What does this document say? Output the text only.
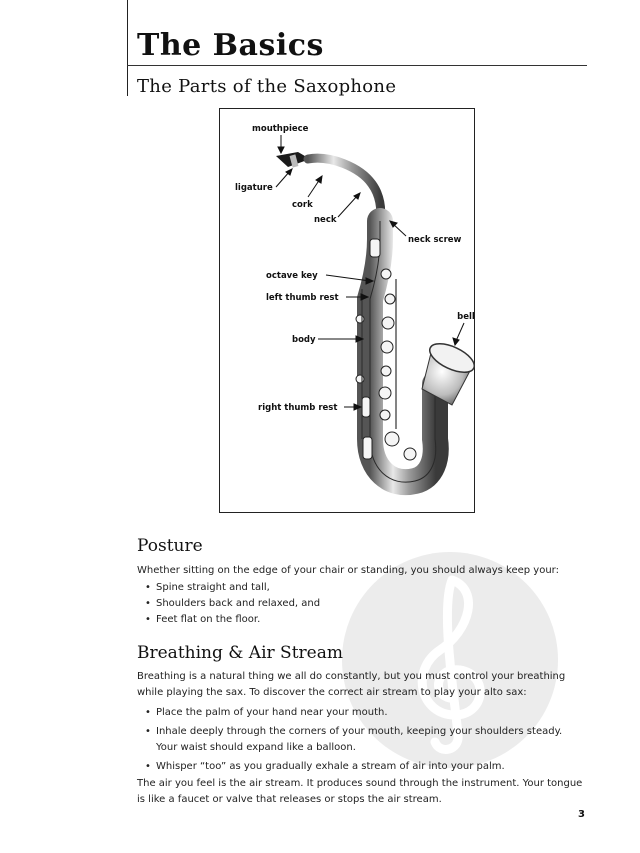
The Basics
The Parts of the Saxophone
mouthpiece
ligature
cork
neck
neck screw
octave key
left thumb rest
bell
body
right thumb rest
Posture
Whether sitting on the edge of your chair or standing, you should always keep your:
• Spine straight and tall,
• Shoulders back and relaxed, and
• Feet flat on the floor.
Breathing & Air Stream
Breathing is a natural thing we all do constantly, but you must control your breathing while playing the sax. To discover the correct air stream to play your alto sax:
• Place the palm of your hand near your mouth.
• Inhale deeply through the corners of your mouth, keeping your shoulders steady. Your waist should expand like a balloon.
• Whisper “too” as you gradually exhale a stream of air into your palm.
The air you feel is the air stream. It produces sound through the instrument. Your tongue is like a faucet or valve that releases or stops the air stream.
3
